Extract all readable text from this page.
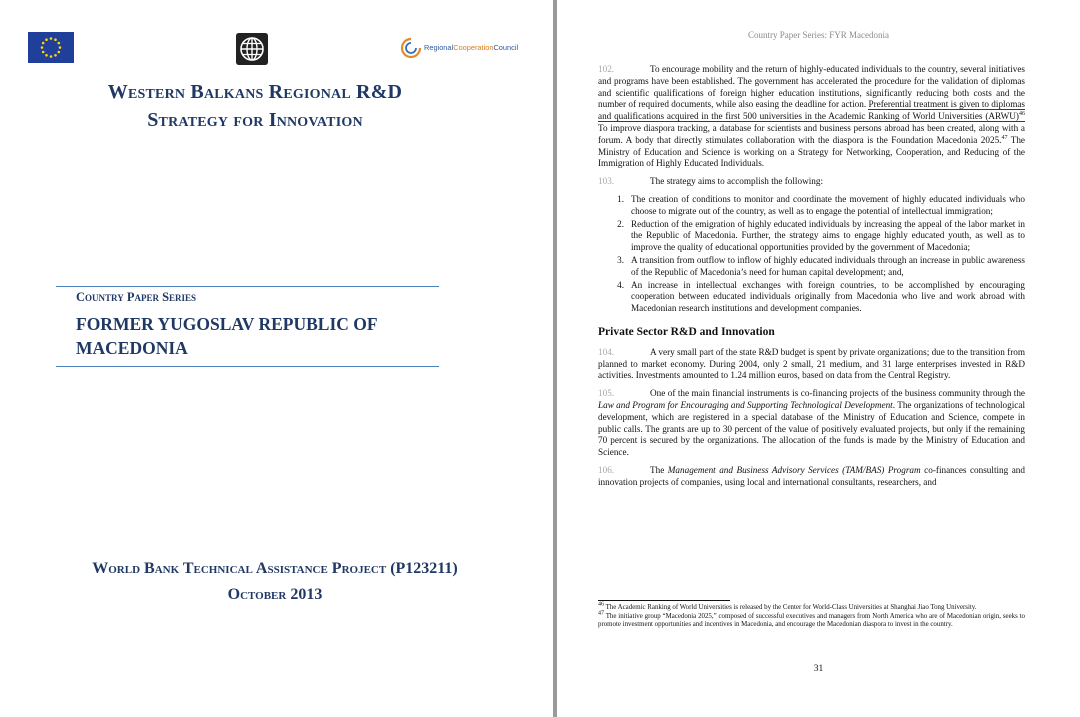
RegionalCooperationCouncil
Western Balkans Regional R&D
Strategy for Innovation
Country Paper Series
FORMER YUGOSLAV REPUBLIC OF
MACEDONIA
World Bank Technical Assistance Project (P123211)
October 2013
Country Paper Series: FYR Macedonia

102.	To encourage mobility and the return of highly-educated individuals to the country, several initiatives and programs have been established. The government has accelerated the procedure for the validation of diplomas and scientific qualifications of foreign higher education institutions, significantly reducing both costs and the number of required documents, while also easing the deadline for action. Preferential treatment is given to diplomas and qualifications acquired in the first 500 universities in the Academic Ranking of World Universities (ARWU)$^{46}$ To improve diaspora tracking, a database for scientists and business persons abroad has been created, along with a forum. A body that directly stimulates collaboration with the diaspora is the Foundation Macedonia 2025.47 The Ministry of Education and Science is working on a Strategy for Networking, Cooperation, and Reducing of the Immigration of Highly Educated Individuals.

103.	The strategy aims to accomplish the following:

1. The creation of conditions to monitor and coordinate the movement of highly educated individuals who choose to migrate out of the country, as well as to engage the potential of intellectual immigration;
2. Reduction of the emigration of highly educated individuals by increasing the appeal of the labor market in the Republic of Macedonia. Further, the strategy aims to engage highly educated youth, as well as to improve the quality of educational opportunities provided by the government of Macedonia;
3. A transition from outflow to inflow of highly educated individuals through an increase in public awareness of the Republic of Macedonia’s need for human capital development; and,
4. An increase in intellectual exchanges with foreign countries, to be accomplished by encouraging cooperation between educated individuals originally from Macedonia who live and work abroad with Macedonian research institutions and development companies.
Private Sector R&D and Innovation

104.	A very small part of the state R&D budget is spent by private organizations; due to the transition from planned to market economy. During 2004, only 2 small, 21 medium, and 31 large enterprises invested in R&D activities. Investments amounted to 1.24 million euros, based on data from the Central Registry.

105.	One of the main financial instruments is co-financing projects of the business community through the Law and Program for Encouraging and Supporting Technological Development. The organizations of technological development, which are registered in a special database of the Ministry of Education and Science, compete in public calls. The grants are up to 30 percent of the value of positively evaluated projects, but only if the remaining 70 percent is secured by the organizations. The allocation of the funds is made by the Ministry of Education and Science.

106.	The Management and Business Advisory Services (TAM/BAS) Program co-finances consulting and innovation projects of companies, using local and international consultants, researchers, and

$^{46}$ The Academic Ranking of World Universities is released by the Center for World-Class Universities at Shanghai Jiao Tong University.

$^{47}$ The initiative group “Macedonia 2025,” composed of successful executives and managers from North America who are of Macedonian origin, seeks to promote investment opportunities and incentives in Macedonia, and encourage the Macedonian diaspora to invest in the country.

31
